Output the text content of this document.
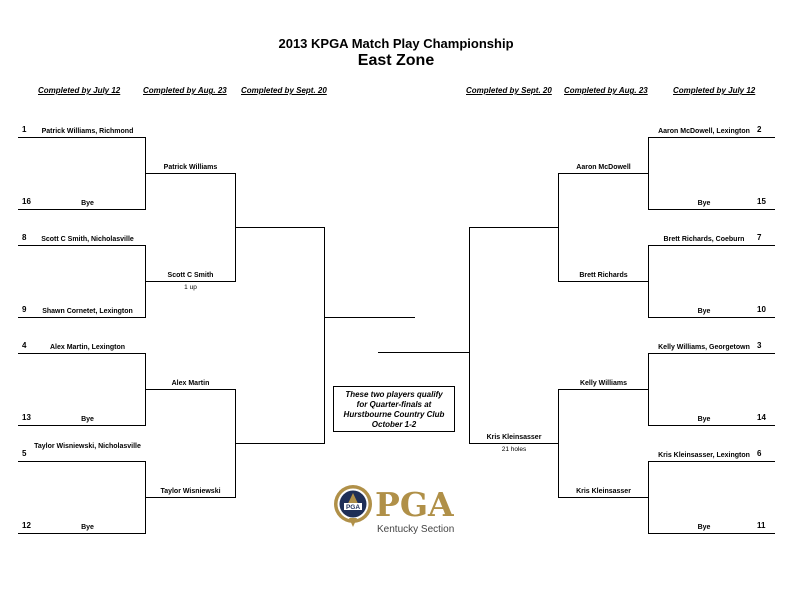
2013 KPGA Match Play Championship
East Zone
Completed by July 12	Completed by Aug. 23 Completed by Sept. 20	Completed by Sept. 20 Completed by Aug. 23	Completed by July 12
1	Patrick Williams, Richmond
16	Bye
8	Scott C Smith, Nicholasville
9	Shawn Cornetet, Lexington
4	Alex Martin, Lexington
13	Bye
5
Taylor Wisniewski, Nicholasville
12	Bye
Patrick Williams
Scott C Smith
Alex Martin
Taylor Wisniewski
1 up
2
Aaron McDowell, Lexington
15
Bye
7
Brett Richards, Coeburn
10
Bye
3
Kelly Williams, Georgetown
14
Bye
6
Kris Kleinsasser, Lexington
11
Bye
Aaron McDowell
Brett Richards
Kelly Williams
Kris Kleinsasser
Kris Kleinsasser
21 holes
These two players qualify
for Quarter-finals at
Hurstbourne Country Club
October 1-2
PGA PGA
Kentucky Section
